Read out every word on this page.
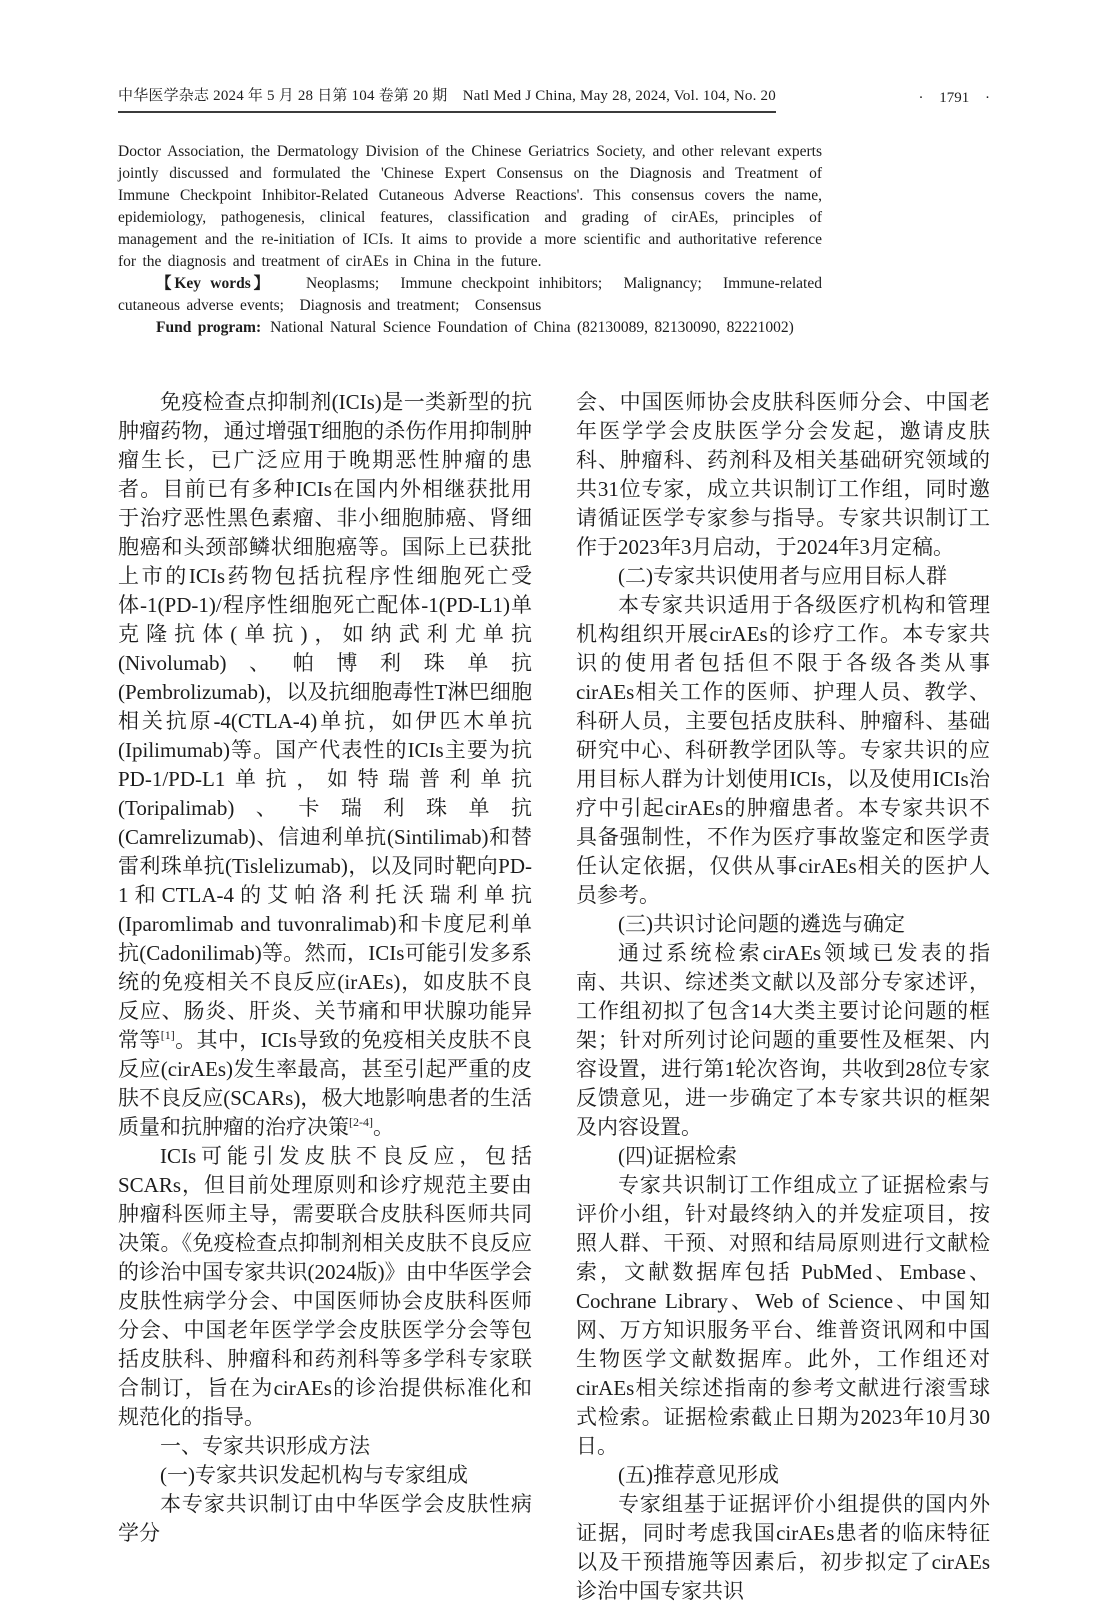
中华医学杂志 2024 年 5 月 28 日第 104 卷第 20 期　Natl Med J China, May 28, 2024, Vol. 104, No. 20	· 1791 ·

Doctor Association, the Dermatology Division of the Chinese Geriatrics Society, and other relevant experts jointly discussed and formulated the 'Chinese Expert Consensus on the Diagnosis and Treatment of Immune Checkpoint Inhibitor-Related Cutaneous Adverse Reactions'. This consensus covers the name, epidemiology, pathogenesis, clinical features, classification and grading of cirAEs, principles of management and the re-initiation of ICIs. It aims to provide a more scientific and authoritative reference for the diagnosis and treatment of cirAEs in China in the future.

【Key words】 Neoplasms;　Immune checkpoint inhibitors;　Malignancy;　Immune-related cutaneous adverse events;　Diagnosis and treatment;　Consensus

Fund program: National Natural Science Foundation of China (82130089, 82130090, 82221002)

免疫检查点抑制剂(ICIs)是一类新型的抗肿瘤药物，通过增强T细胞的杀伤作用抑制肿瘤生长，已广泛应用于晚期恶性肿瘤的患者。目前已有多种ICIs在国内外相继获批用于治疗恶性黑色素瘤、非小细胞肺癌、肾细胞癌和头颈部鳞状细胞癌等。国际上已获批上市的ICIs药物包括抗程序性细胞死亡受体-1(PD-1)/程序性细胞死亡配体-1(PD-L1)单克隆抗体(单抗)，如纳武利尤单抗(Nivolumab)、帕博利珠单抗(Pembrolizumab)，以及抗细胞毒性T淋巴细胞相关抗原-4(CTLA-4)单抗，如伊匹木单抗(Ipilimumab)等。国产代表性的ICIs主要为抗PD-1/PD-L1单抗，如特瑞普利单抗(Toripalimab)、卡瑞利珠单抗(Camrelizumab)、信迪利单抗(Sintilimab)和替雷利珠单抗(Tislelizumab)，以及同时靶向PD-1和CTLA-4的艾帕洛利托沃瑞利单抗(Iparomlimab and tuvonralimab)和卡度尼利单抗(Cadonilimab)等。然而，ICIs可能引发多系统的免疫相关不良反应(irAEs)，如皮肤不良反应、肠炎、肝炎、关节痛和甲状腺功能异常等[1]。其中，ICIs导致的免疫相关皮肤不良反应(cirAEs)发生率最高，甚至引起严重的皮肤不良反应(SCARs)，极大地影响患者的生活质量和抗肿瘤的治疗决策[2-4]。

ICIs可能引发皮肤不良反应，包括SCARs，但目前处理原则和诊疗规范主要由肿瘤科医师主导，需要联合皮肤科医师共同决策。《免疫检查点抑制剂相关皮肤不良反应的诊治中国专家共识(2024版)》由中华医学会皮肤性病学分会、中国医师协会皮肤科医师分会、中国老年医学学会皮肤医学分会等包括皮肤科、肿瘤科和药剂科等多学科专家联合制订，旨在为cirAEs的诊治提供标准化和规范化的指导。

一、专家共识形成方法

(一)专家共识发起机构与专家组成

本专家共识制订由中华医学会皮肤性病学分

会、中国医师协会皮肤科医师分会、中国老年医学学会皮肤医学分会发起，邀请皮肤科、肿瘤科、药剂科及相关基础研究领域的共31位专家，成立共识制订工作组，同时邀请循证医学专家参与指导。专家共识制订工作于2023年3月启动，于2024年3月定稿。

(二)专家共识使用者与应用目标人群

本专家共识适用于各级医疗机构和管理机构组织开展cirAEs的诊疗工作。本专家共识的使用者包括但不限于各级各类从事cirAEs相关工作的医师、护理人员、教学、科研人员，主要包括皮肤科、肿瘤科、基础研究中心、科研教学团队等。专家共识的应用目标人群为计划使用ICIs，以及使用ICIs治疗中引起cirAEs的肿瘤患者。本专家共识不具备强制性，不作为医疗事故鉴定和医学责任认定依据，仅供从事cirAEs相关的医护人员参考。

(三)共识讨论问题的遴选与确定

通过系统检索cirAEs领域已发表的指南、共识、综述类文献以及部分专家述评，工作组初拟了包含14大类主要讨论问题的框架；针对所列讨论问题的重要性及框架、内容设置，进行第1轮次咨询，共收到28位专家反馈意见，进一步确定了本专家共识的框架及内容设置。

(四)证据检索

专家共识制订工作组成立了证据检索与评价小组，针对最终纳入的并发症项目，按照人群、干预、对照和结局原则进行文献检索，文献数据库包括 PubMed、Embase、Cochrane Library、Web of Science、中国知网、万方知识服务平台、维普资讯网和中国生物医学文献数据库。此外，工作组还对cirAEs相关综述指南的参考文献进行滚雪球式检索。证据检索截止日期为2023年10月30日。

(五)推荐意见形成

专家组基于证据评价小组提供的国内外证据，同时考虑我国cirAEs患者的临床特征以及干预措施等因素后，初步拟定了cirAEs诊治中国专家共识
